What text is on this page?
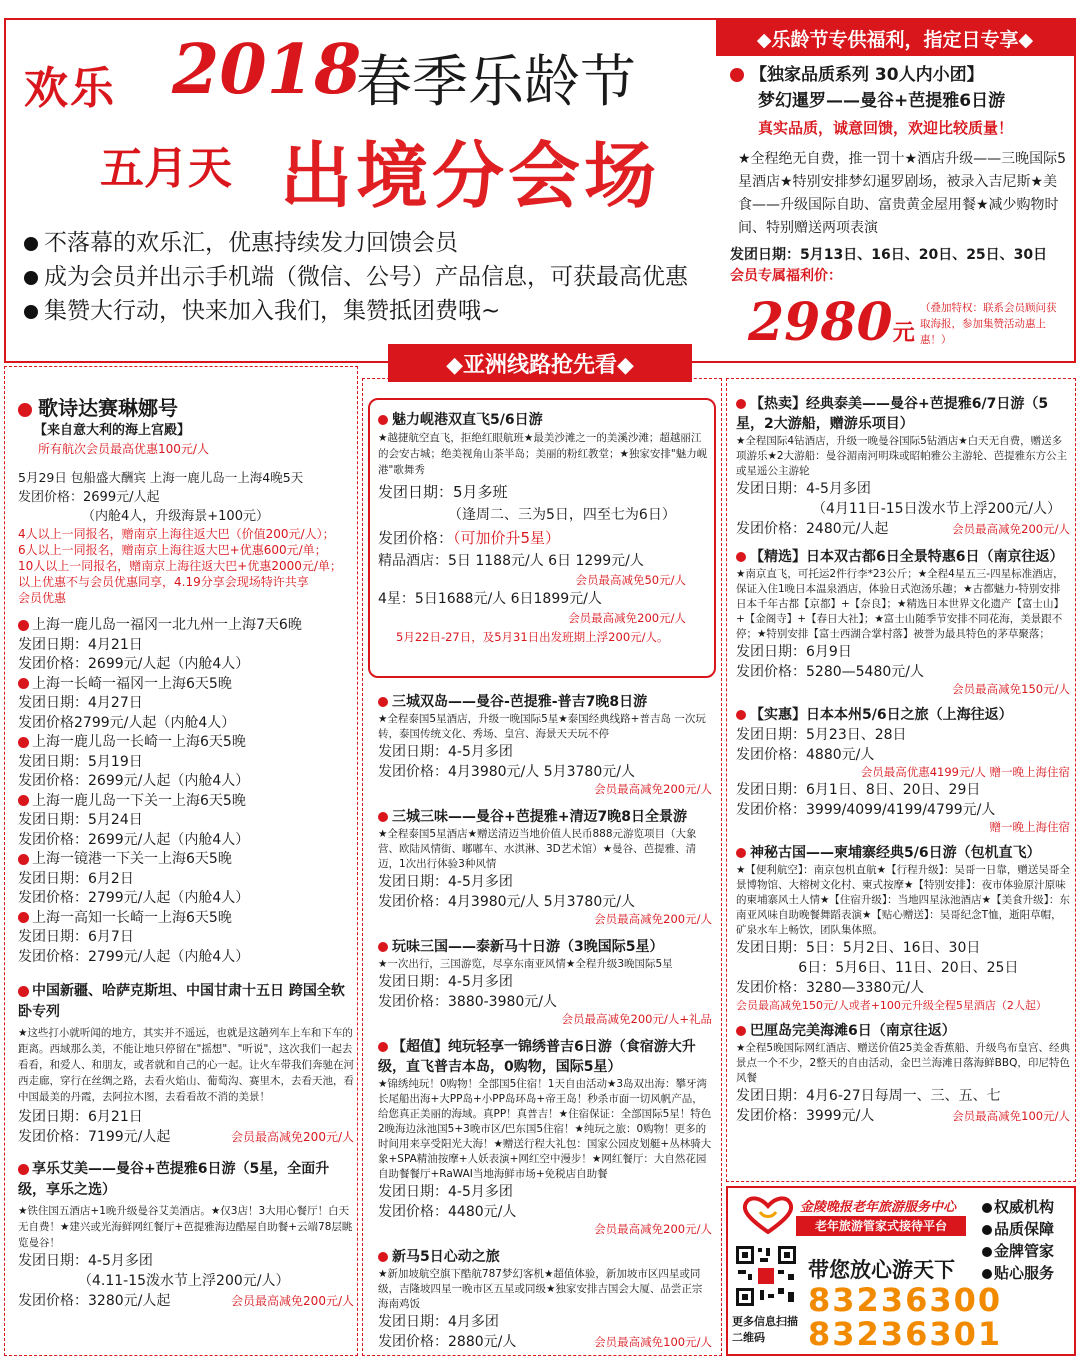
欢乐 2018
春季乐龄节
五月天 出境分会场
不落幕的欢乐汇，优惠持续发力回馈会员
成为会员并出示手机端（微信、公号）产品信息，可获最高优惠
集赞大行动，快来加入我们，集赞抵团费哦~
◆乐龄节专供福利，指定日专享◆
【独家品质系列 30人内小团】
梦幻暹罗——曼谷+芭提雅6日游
真实品质，诚意回馈，欢迎比较质量！
★全程绝无自费，推一罚十★酒店升级——三晚国际5星酒店★特别安排梦幻暹罗剧场，被录入吉尼斯★美食——升级国际自助、富贵黄金屋用餐★减少购物时间、特别赠送两项表演
发团日期：5月13日、16日、20日、25日、30日
会员专属福利价：
2980元
（叠加特权：联系会员顾问获取海报，参加集赞活动惠上惠！）
◆亚洲线路抢先看◆
歌诗达赛琳娜号
【来自意大利的海上宫殿】
所有航次会员最高优惠100元/人
5月29日 包船盛大酬宾 上海一鹿儿岛一上海4晚5天
发团价格：2699元/人起
（内舱4人，升级海景+100元）
4人以上一同报名，赠南京上海往返大巴（价值200元/人）；
6人以上一同报名，赠南京上海往返大巴+优惠600元/单；
10人以上一同报名，赠南京上海往返大巴+优惠2000元/单；
以上优惠不与会员优惠同享，4.19分享会现场特许共享
会员优惠
上海一鹿儿岛一福冈一北九州一上海7天6晚
发团日期：4月21日
发团价格：2699元/人起（内舱4人）
上海一长崎一福冈一上海6天5晚
发团日期：4月27日
发团价格2799元/人起（内舱4人）
上海一鹿儿岛一长崎一上海6天5晚
发团日期：5月19日
发团价格：2699元/人起（内舱4人）
上海一鹿儿岛一下关一上海6天5晚
发团日期：5月24日
发团价格：2699元/人起（内舱4人）
上海一镜港一下关一上海6天5晚
发团日期：6月2日
发团价格：2799元/人起（内舱4人）
上海一高知一长崎一上海6天5晚
发团日期：6月7日
发团价格：2799元/人起（内舱4人）
中国新疆、哈萨克斯坦、中国甘肃十五日 跨国全软卧专列
★这些打小就听闻的地方，其实并不遥远，也就是这趟列车上车和下车的距离。西域那么美，不能让地只停留在"摇想"、"听说"，这次我们一起去看看，和爱人、和朋友，或者就和自己的心一起。让火车带我们奔驰在河西走廊，穿行在丝绸之路，去看火焰山、葡萄沟、赛里木，去看天池，看中国最美的丹霞，去阿拉木图，去看看故不消的美景！
发团日期：6月21日
发团价格：7199元/人起	会员最高减免200元/人
享乐艾美——曼谷+芭提雅6日游（5星，全面升级，享乐之选）
★铁住国五酒店+1晚升级曼谷艾美酒店。★仅3店！3大用心餐厅！白天无自费！★建兴或光海鲜网红餐厅+芭提雅海边酷屋自助餐+云端78层眺览曼谷！
发团日期：4-5月多团
（4.11-15泼水节上浮200元/人）
发团价格：3280元/人起	会员最高减免200元/人
魅力岘港双直飞5/6日游
★越捷航空直飞，拒绝红眼航班★最美沙滩之一的美溪沙滩；超越丽江的会安古城；绝美视角山茶半岛；美丽的粉红教堂；★独家安排"魅力岘港"歌舞秀
发团日期：5月多班
（逢周二、三为5日，四至七为6日）
发团价格：（可加价升5星）
精品酒店：5日 1188元/人 6日 1299元/人
会员最高减免50元/人
4星：5日1688元/人 6日1899元/人
会员最高减免200元/人
5月22日-27日，及5月31日出发班期上浮200元/人。
三城双岛——曼谷-芭提雅-普吉7晚8日游
★全程泰国5星酒店，升级一晚国际5星★泰国经典线路+普吉岛 一次玩转，泰国传统文化、秀场、皇宫、海景天天玩不停
发团日期：4-5月多团
发团价格：4月3980元/人 5月3780元/人
会员最高减免200元/人
三城三味——曼谷+芭提雅+清迈7晚8日全景游
★全程泰国5星酒店★赠送清迈当地价值人民币888元游览项目（大象营、欧陆风情街、嘟嘟车、水淇淋、3D艺术馆）★曼谷、芭提雅、清迈，1次出行体验3种风情
发团日期：4-5月多团
发团价格：4月3980元/人 5月3780元/人
会员最高减免200元/人
玩味三国——泰新马十日游（3晚国际5星）
★一次出行，三国游览，尽享东南亚风情★全程升级3晚国际5星
发团日期：4-5月多团
发团价格：3880-3980元/人
会员最高减免200元/人+礼品
【超值】纯玩轻享一锦绣普吉6日游（食宿游大升级，直飞普吉本岛，0购物，国际5星）
★锦绣纯玩！0购物！全部国5住宿！1天自由活动★3岛双出海：攀牙湾长尾船出海+大PP岛+小PP岛环岛+帝王岛！秒杀市面一切风帆产品，给您真正美丽的海域。真PP！真普吉！★住宿保证：全部国际5星！特色2晚海边泳池国5+3晚市区/巴东国5住宿！★纯玩之旅：0购物！更多的时间用来享受阳光大海！★赠送行程大礼包：国家公园皮划艇+丛林骑大象+SPA精油按摩+人妖表演+网红空中漫步！★网红餐厅：大自然花园自助餐餐厅+RaWAI当地海鲜市场+免税店自助餐
发团日期：4-5月多团
发团价格：4480元/人
会员最高减免200元/人
新马5日心动之旅
★新加坡航空旗下酷航787梦幻客机★超值体验，新加坡市区四星或同级，吉隆坡四星一晚市区五星或同级★独家安排吉国会大厦、品尝正宗海南鸡饭
发团日期：4月多团
发团价格：2880元/人	会员最高减免100元/人
【热卖】经典泰美——曼谷+芭提雅6/7日游（5星，2大游船，赠游乐项目）
★全程国际4钻酒店，升级一晚曼谷国际5钻酒店★白天无自费，赠送多项游乐★2大游船：曼谷湄南河明珠或昭帕雅公主游轮、芭提雅东方公主或星遥公主游轮
发团日期：4-5月多团
（4月11日-15日泼水节上浮200元/人）
发团价格：2480元/人起	会员最高减免200元/人
【精选】日本双古都6日全景特惠6日（南京往返）
★南京直飞，可托运2件行李*23公斤；★全程4星五三-四星标准酒店，保证入住1晚日本温泉酒店，体验日式泡汤乐趣；★古都魅力-特别安排日本千年古都【京都】+【奈良】；★精选日本世界文化遗产【富士山】+【金阁寺】+【春日大社】；★富士山随季节安排不同花海，美景跟不停；★特别安排【富士西湖合掌村落】被誉为最具特色的茅草聚落；
发团日期：6月9日
发团价格：5280—5480元/人
会员最高减免150元/人
【实惠】日本本州5/6日之旅（上海往返）
发团日期：5月23日、28日
发团价格：4880元/人
会员最高优惠4199元/人 赠一晚上海住宿
发团日期：6月1日、8日、20日、29日
发团价格：3999/4099/4199/4799元/人
赠一晚上海住宿
神秘古国——柬埔寨经典5/6日游（包机直飞）
★【便利航空】：南京包机直航★【行程升级】：吴哥一日靠，赠送吴哥全景博物馆、大榕树文化村、柬式按摩★【特别安排】：夜市体验原汁原味的柬埔寨风土人情★【住宿升级】：当地四星泳池酒店★【美食升级】：东南亚风味自助晚餐舞蹈表演★【贴心赠送】：吴哥纪念T恤，逝阳草帽，矿泉水车上畅饮，团队集体照。
发团日期：5日：5月2日、16日、30日
6日：5月6日、11日、20日、25日
发团价格：3280—3380元/人
会员最高减免150元/人或者+100元升级全程5星酒店（2人起）
巴厘岛完美海滩6日（南京往返）
★全程5晚国际网红酒店、赠送价值25美金香蕉船、升级鸟布皇宫、经典景点一个不少，2整天的自由活动，金巴兰海滩日落海鲜BBQ，印尼特色风餐
发团日期：4月6-27日每周一、三、五、七
发团价格：3999元/人	会员最高减免100元/人
金陵晚报老年旅游服务中心
老年旅游管家式接待平台
权威机构
品质保障
金牌管家
贴心服务
更多信息扫描二维码
带您放心游天下
83236300
83236301
